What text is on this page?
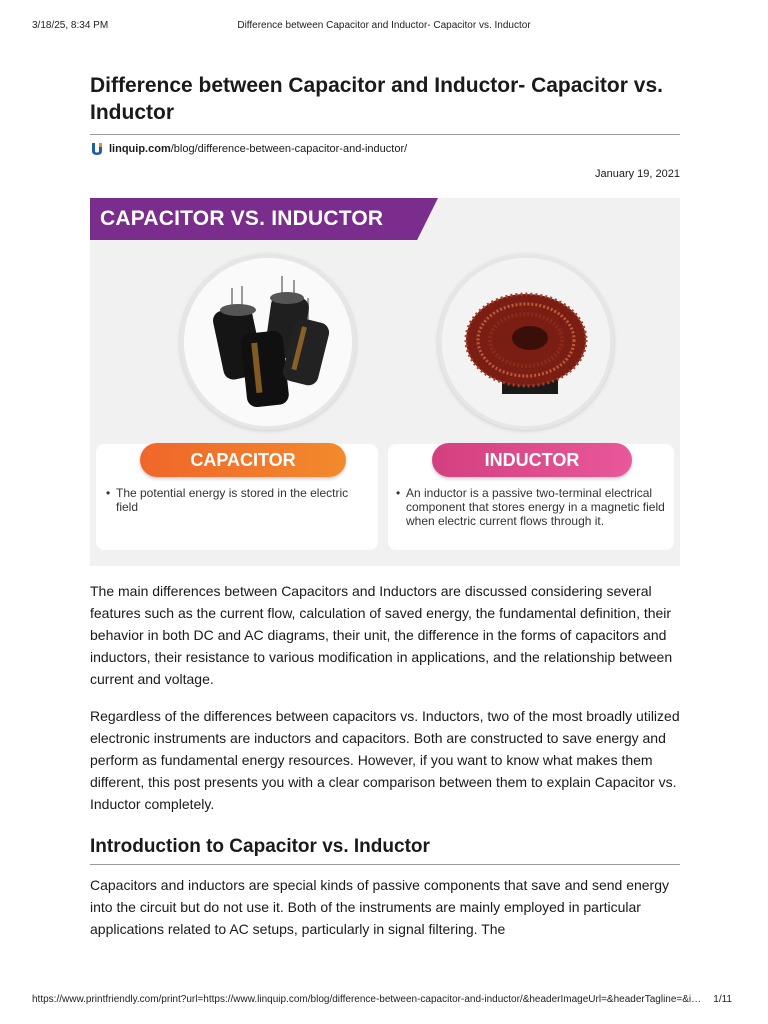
3/18/25, 8:34 PM	Difference between Capacitor and Inductor- Capacitor vs. Inductor
Difference between Capacitor and Inductor- Capacitor vs. Inductor
linquip.com /blog/difference-between-capacitor-and-inductor/
January 19, 2021
CAPACITOR VS. INDUCTOR
CAPACITOR	INDUCTOR
• The potential energy is stored in the electric field
• An inductor is a passive two-terminal electrical component that stores energy in a magnetic field when electric current flows through it.

The main differences between Capacitors and Inductors are discussed considering several features such as the current flow, calculation of saved energy, the fundamental definition, their behavior in both DC and AC diagrams, their unit, the difference in the forms of capacitors and inductors, their resistance to various modification in applications, and the relationship between current and voltage.

Regardless of the differences between capacitors vs. Inductors, two of the most broadly utilized electronic instruments are inductors and capacitors. Both are constructed to save energy and perform as fundamental energy resources. However, if you want to know what makes them different, this post presents you with a clear comparison between them to explain Capacitor vs. Inductor completely.

Introduction to Capacitor vs. Inductor

Capacitors and inductors are special kinds of passive components that save and send energy into the circuit but do not use it. Both of the instruments are mainly employed in particular applications related to AC setups, particularly in signal filtering. The

https://www.printfriendly.com/print?url=https://www.linquip.com/blog/difference-between-capacitor-and-inductor/&headerImageUrl=&headerTagline=&i… 1/11
